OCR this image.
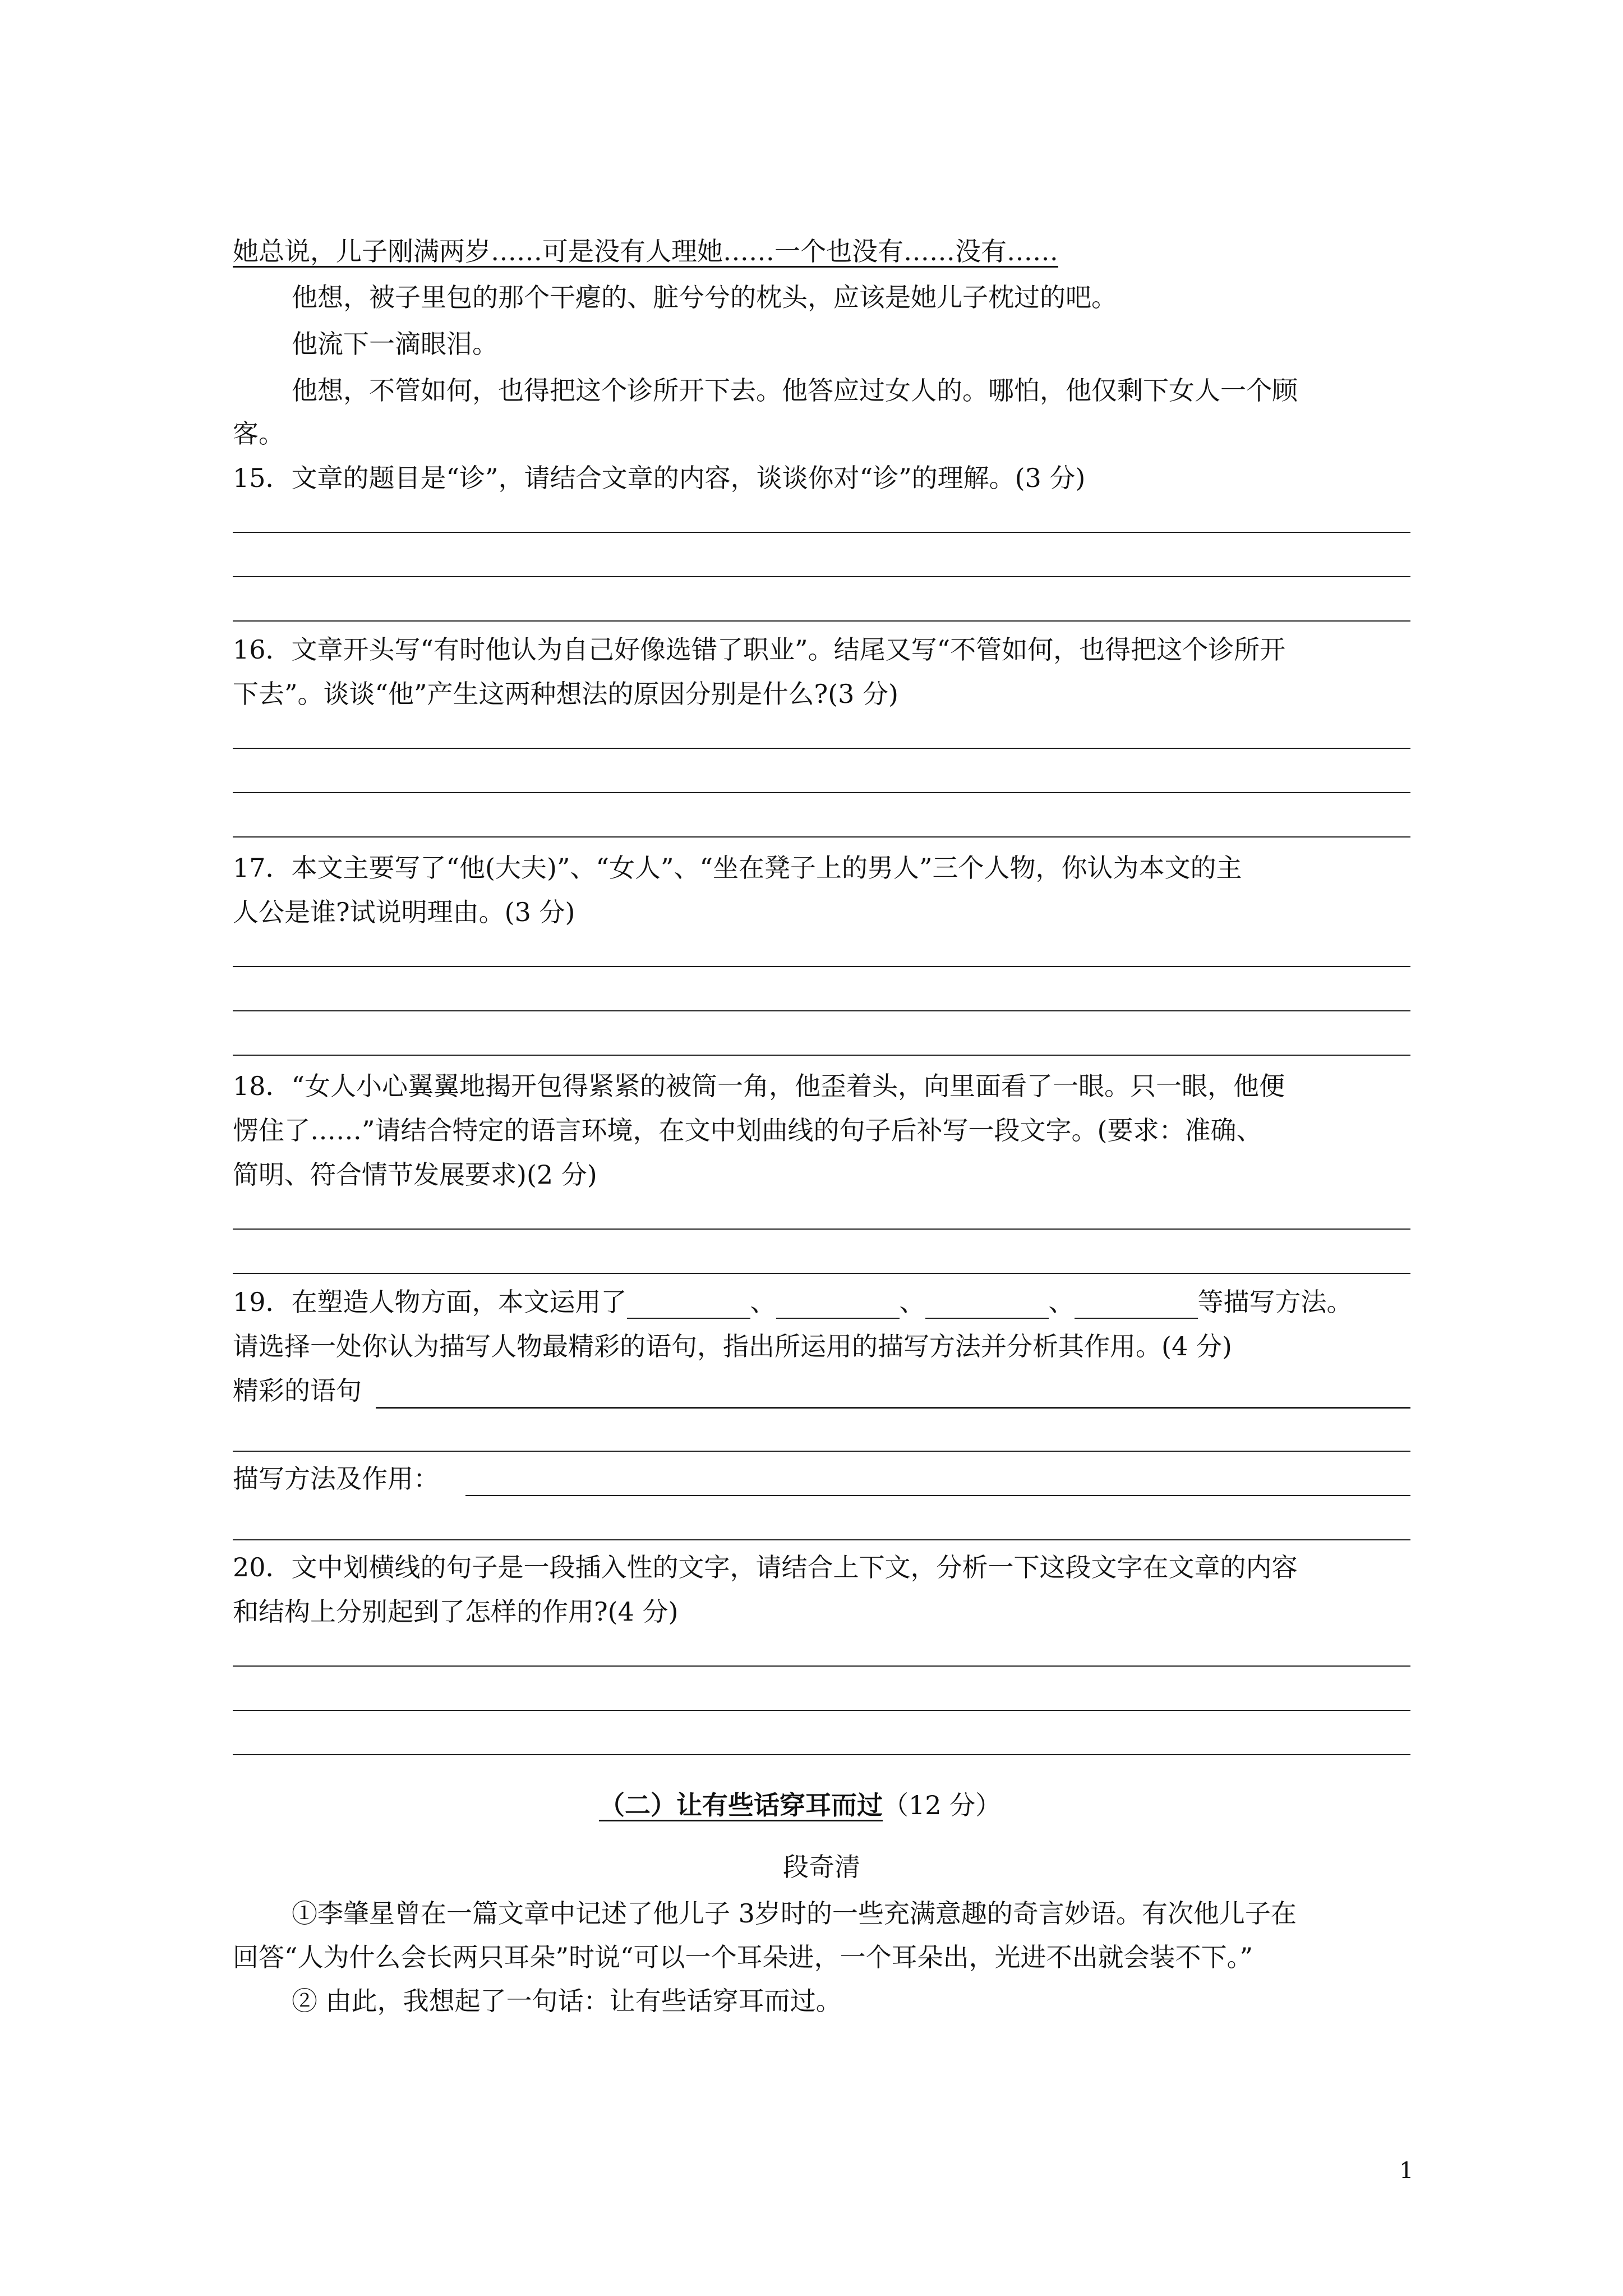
她总说，儿子刚满两岁……可是没有人理她……一个也没有……没有……
他想，被子里包的那个干瘪的、脏兮兮的枕头，应该是她儿子枕过的吧。
他流下一滴眼泪。
他想，不管如何，也得把这个诊所开下去。他答应过女人的。哪怕，他仅剩下女人一个顾
客。
15．文章的题目是“诊”，请结合文章的内容，谈谈你对“诊”的理解。(3 分)
16．文章开头写“有时他认为自己好像选错了职业”。结尾又写“不管如何，也得把这个诊所开
下去”。谈谈“他”产生这两种想法的原因分别是什么?(3 分)
17．本文主要写了“他(大夫)”、“女人”、“坐在凳子上的男人”三个人物，你认为本文的主
人公是谁?试说明理由。(3 分)
18．“女人小心翼翼地揭开包得紧紧的被筒一角，他歪着头，向里面看了一眼。只一眼，他便
愣住了……”请结合特定的语言环境，在文中划曲线的句子后补写一段文字。(要求：准确、
简明、符合情节发展要求)(2 分)
19．在塑造人物方面，本文运用了	、	、	、	等描写方法。
请选择一处你认为描写人物最精彩的语句，指出所运用的描写方法并分析其作用。(4 分)
精彩的语句
描写方法及作用：
20．文中划横线的句子是一段插入性的文字，请结合上下文，分析一下这段文字在文章的内容
和结构上分别起到了怎样的作用?(4 分)
（二）让有些话穿耳而过（12 分）
段奇清
①李肇星曾在一篇文章中记述了他儿子 3岁时的一些充满意趣的奇言妙语。有次他儿子在
回答“人为什么会长两只耳朵”时说“可以一个耳朵进，一个耳朵出，光进不出就会装不下。”
② 由此，我想起了一句话：让有些话穿耳而过。
1
